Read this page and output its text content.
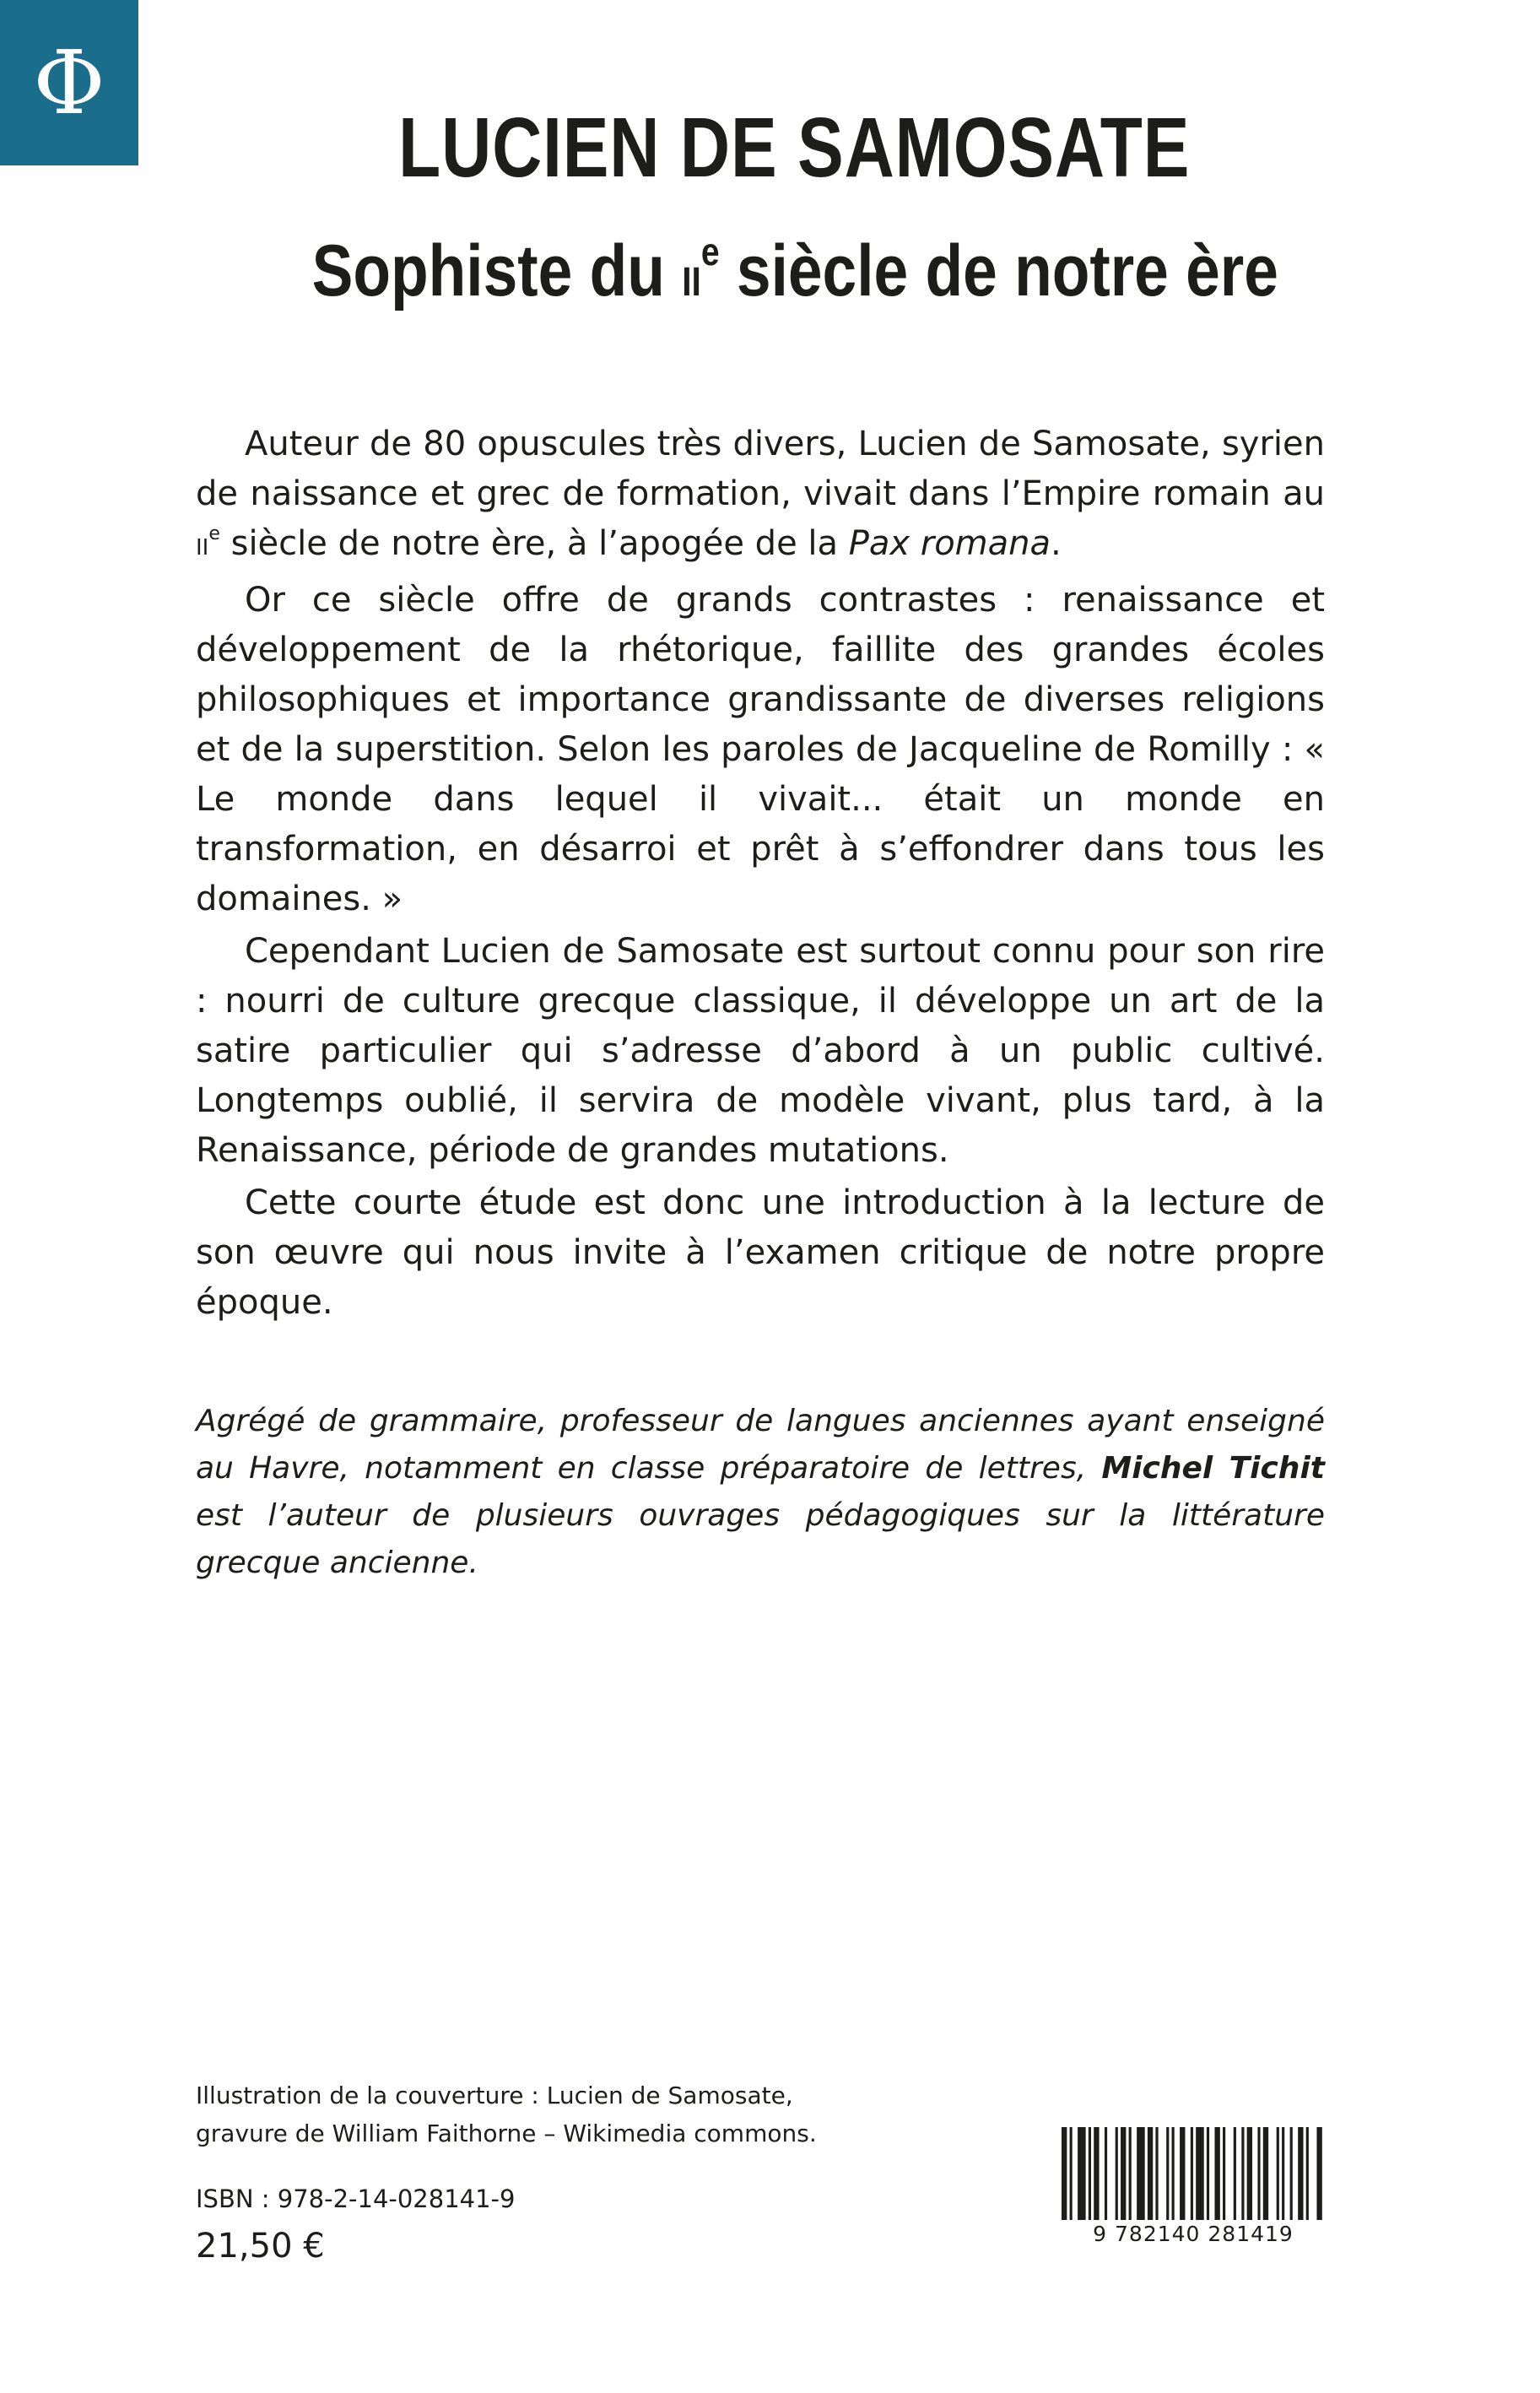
Φ
LUCIEN DE SAMOSATE
Sophiste du IIe siècle de notre ère

Auteur de 80 opuscules très divers, Lucien de Samosate, syrien de naissance et grec de formation, vivait dans l’Empire romain au IIe siècle de notre ère, à l’apogée de la Pax romana.

Or ce siècle offre de grands contrastes : renaissance et développement de la rhétorique, faillite des grandes écoles philosophiques et importance grandissante de diverses religions et de la superstition. Selon les paroles de Jacqueline de Romilly : « Le monde dans lequel il vivait... était un monde en transformation, en désarroi et prêt à s’effondrer dans tous les domaines. »

Cependant Lucien de Samosate est surtout connu pour son rire : nourri de culture grecque classique, il développe un art de la satire particulier qui s’adresse d’abord à un public cultivé. Longtemps oublié, il servira de modèle vivant, plus tard, à la Renaissance, période de grandes mutations.

Cette courte étude est donc une introduction à la lecture de son œuvre qui nous invite à l’examen critique de notre propre époque.

Agrégé de grammaire, professeur de langues anciennes ayant enseigné au Havre, notamment en classe préparatoire de lettres, Michel Tichit est l’auteur de plusieurs ouvrages pédagogiques sur la littérature grecque ancienne.

Illustration de la couverture : Lucien de Samosate,
gravure de William Faithorne – Wikimedia commons.

ISBN : 978-2-14-028141-9

21,50 €	9 782140 281419
